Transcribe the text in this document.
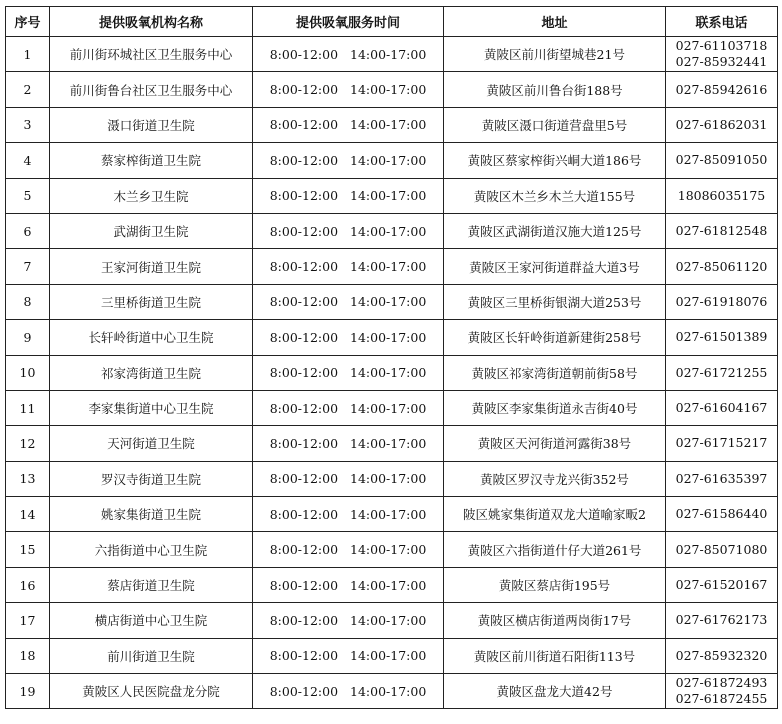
序号	提供吸氧机构名称	提供吸氧服务时间	地址	联系电话
1	前川街环城社区卫生服务中心	8:00-12:00 14:00-17:00	黄陂区前川街望城巷21号	027-61103718
027-85932441

2	前川街鲁台社区卫生服务中心	8:00-12:00 14:00-17:00	黄陂区前川鲁台街188号	027-85942616

3	滠口街道卫生院	8:00-12:00 14:00-17:00	黄陂区滠口街道营盘里5号	027-61862031

4	蔡家榨街道卫生院	8:00-12:00 14:00-17:00	黄陂区蔡家榨街兴峒大道186号	027-85091050

5	木兰乡卫生院	8:00-12:00 14:00-17:00	黄陂区木兰乡木兰大道155号	18086035175

6	武湖街卫生院	8:00-12:00 14:00-17:00	黄陂区武湖街道汉施大道125号	027-61812548

7	王家河街道卫生院	8:00-12:00 14:00-17:00	黄陂区王家河街道群益大道3号	027-85061120

8	三里桥街道卫生院	8:00-12:00 14:00-17:00	黄陂区三里桥街银湖大道253号	027-61918076

9	长轩岭街道中心卫生院	8:00-12:00 14:00-17:00	黄陂区长轩岭街道新建街258号	027-61501389

10	祁家湾街道卫生院	8:00-12:00 14:00-17:00	黄陂区祁家湾街道朝前街58号	027-61721255

11	李家集街道中心卫生院	8:00-12:00 14:00-17:00	黄陂区李家集街道永吉街40号	027-61604167

12	天河街道卫生院	8:00-12:00 14:00-17:00	黄陂区天河街道河露街38号	027-61715217

13	罗汉寺街道卫生院	8:00-12:00 14:00-17:00	黄陂区罗汉寺龙兴街352号	027-61635397

14	姚家集街道卫生院	8:00-12:00 14:00-17:00	陂区姚家集街道双龙大道喻家畈2	027-61586440

15	六指街道中心卫生院	8:00-12:00 14:00-17:00	黄陂区六指街道什仔大道261号	027-85071080

16	蔡店街道卫生院	8:00-12:00 14:00-17:00	黄陂区蔡店街195号	027-61520167

17	横店街道中心卫生院	8:00-12:00 14:00-17:00	黄陂区横店街道两岗街17号	027-61762173

18	前川街道卫生院	8:00-12:00 14:00-17:00	黄陂区前川街道石阳街113号	027-85932320

19	黄陂区人民医院盘龙分院	8:00-12:00 14:00-17:00	黄陂区盘龙大道42号	027-61872493
027-61872455
